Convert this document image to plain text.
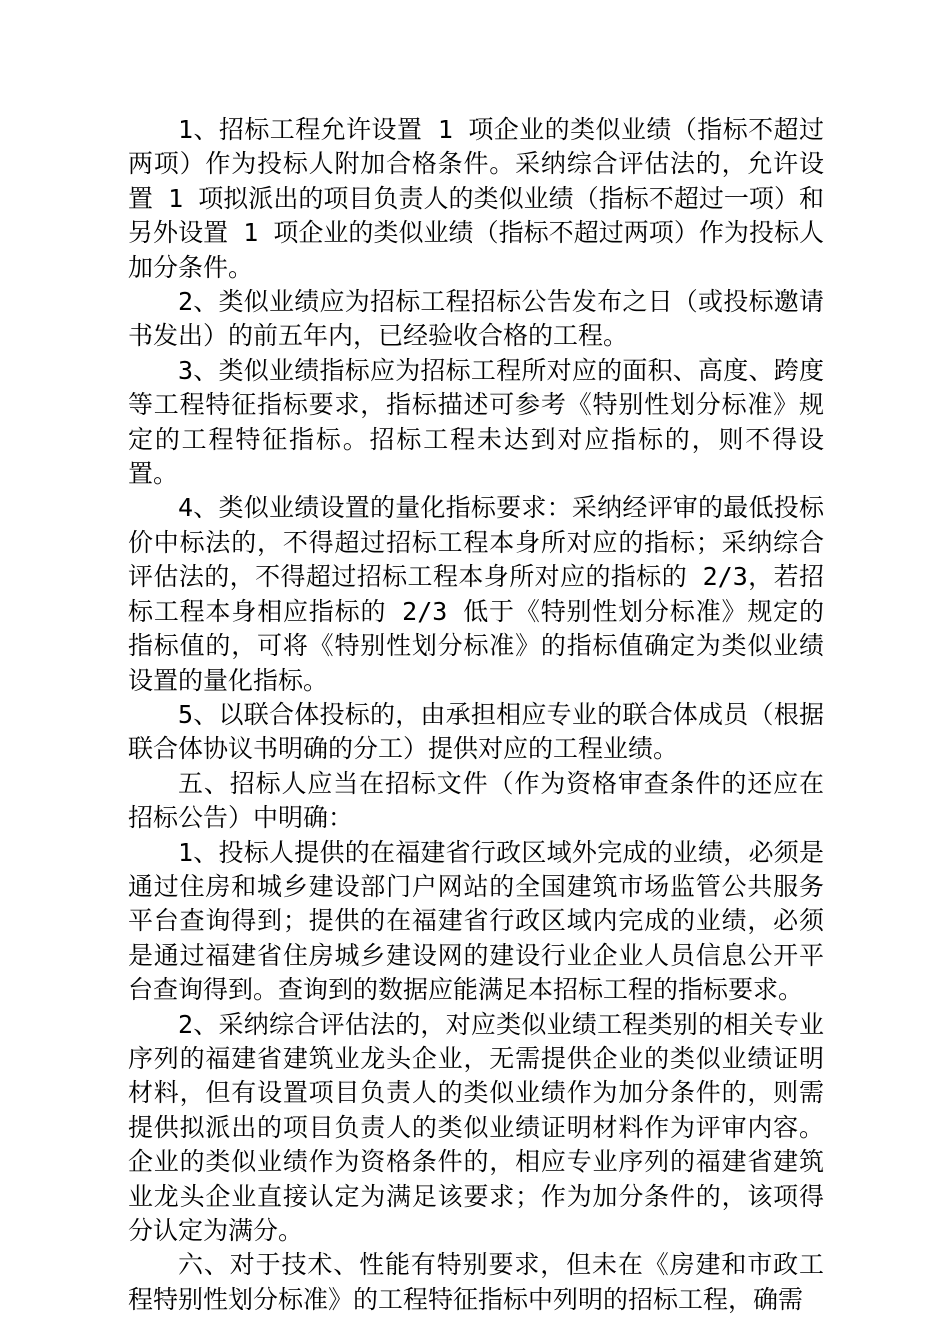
1、招标工程允许设置 1 项企业的类似业绩（指标不超过两项）作为投标人附加合格条件。采纳综合评估法的，允许设置 1 项拟派出的项目负责人的类似业绩（指标不超过一项）和另外设置 1 项企业的类似业绩（指标不超过两项）作为投标人加分条件。

2、类似业绩应为招标工程招标公告发布之日（或投标邀请书发出）的前五年内，已经验收合格的工程。

3、类似业绩指标应为招标工程所对应的面积、高度、跨度等工程特征指标要求，指标描述可参考《特别性划分标准》规定的工程特征指标。招标工程未达到对应指标的，则不得设置。

4、类似业绩设置的量化指标要求：采纳经评审的最低投标价中标法的，不得超过招标工程本身所对应的指标；采纳综合评估法的，不得超过招标工程本身所对应的指标的 2/3，若招标工程本身相应指标的 2/3 低于《特别性划分标准》规定的指标值的，可将《特别性划分标准》的指标值确定为类似业绩设置的量化指标。

5、以联合体投标的，由承担相应专业的联合体成员（根据联合体协议书明确的分工）提供对应的工程业绩。

五、招标人应当在招标文件（作为资格审查条件的还应在招标公告）中明确：

1、投标人提供的在福建省行政区域外完成的业绩，必须是通过住房和城乡建设部门户网站的全国建筑市场监管公共服务平台查询得到；提供的在福建省行政区域内完成的业绩，必须是通过福建省住房城乡建设网的建设行业企业人员信息公开平台查询得到。查询到的数据应能满足本招标工程的指标要求。

2、采纳综合评估法的，对应类似业绩工程类别的相关专业序列的福建省建筑业龙头企业，无需提供企业的类似业绩证明材料，但有设置项目负责人的类似业绩作为加分条件的，则需提供拟派出的项目负责人的类似业绩证明材料作为评审内容。企业的类似业绩作为资格条件的，相应专业序列的福建省建筑业龙头企业直接认定为满足该要求；作为加分条件的，该项得分认定为满分。

六、对于技术、性能有特别要求，但未在《房建和市政工程特别性划分标准》的工程特征指标中列明的招标工程，确需
